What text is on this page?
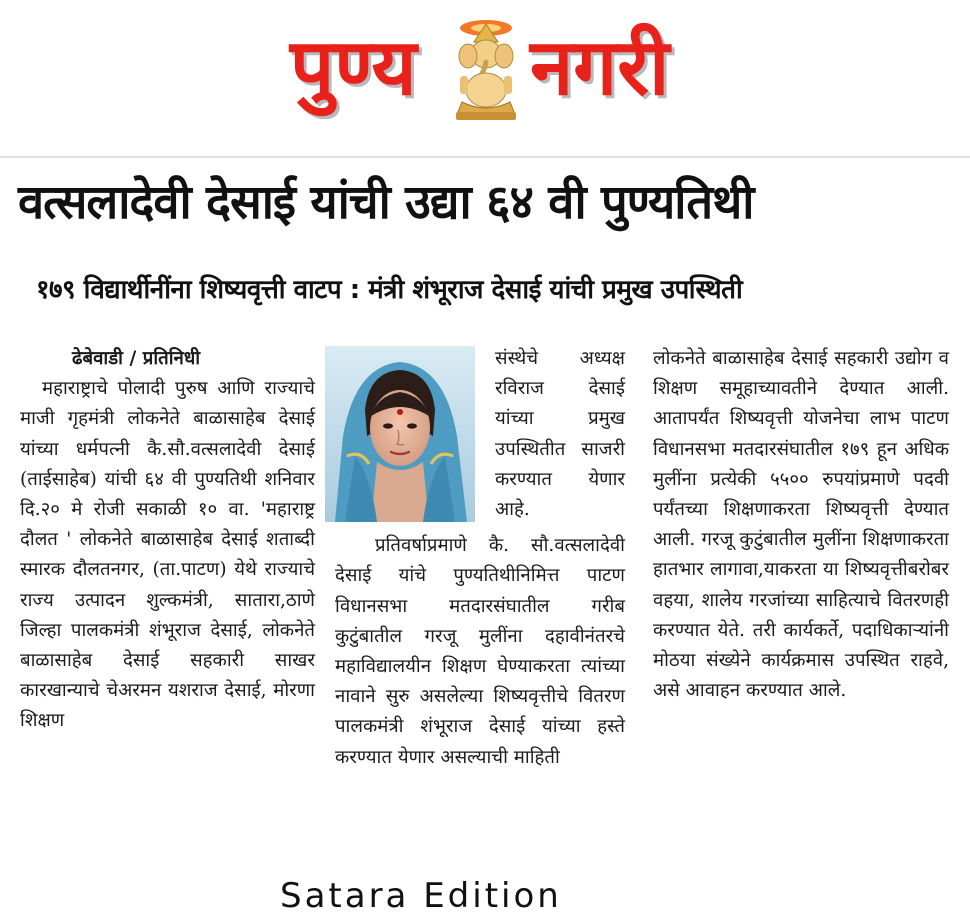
पुण्य नगरी
वत्सलादेवी देसाई यांची उद्या ६४ वी पुण्यतिथी
१७९ विद्यार्थीनींना शिष्यवृत्ती वाटप : मंत्री शंभूराज देसाई यांची प्रमुख उपस्थिती

ढेबेवाडी / प्रतिनिधी

महाराष्ट्राचे पोलादी पुरुष आणि राज्याचे माजी गृहमंत्री लोकनेते बाळासाहेब देसाई यांच्या धर्मपत्नी कै.सौ.वत्सलादेवी देसाई (ताईसाहेब) यांची ६४ वी पुण्यतिथी शनिवार दि.२० मे रोजी सकाळी १० वा. 'महाराष्ट्र दौलत ' लोकनेते बाळासाहेब देसाई शताब्दी स्मारक दौलतनगर, (ता.पाटण) येथे राज्याचे राज्य उत्पादन शुल्कमंत्री, सातारा,ठाणे जिल्हा पालकमंत्री शंभूराज देसाई, लोकनेते बाळासाहेब देसाई सहकारी साखर कारखान्याचे चेअरमन यशराज देसाई, मोरणा शिक्षण

संस्थेचे अध्यक्ष रविराज देसाई यांच्या प्रमुख उपस्थितीत साजरी करण्यात येणार आहे.

प्रतिवर्षाप्रमाणे कै. सौ.वत्सलादेवी देसाई यांचे पुण्यतिथीनिमित्त पाटण विधानसभा मतदारसंघातील गरीब कुटुंबातील गरजू मुलींना दहावीनंतरचे महाविद्यालयीन शिक्षण घेण्याकरता त्यांच्या नावाने सुरु असलेल्या शिष्यवृत्तीचे वितरण पालकमंत्री शंभूराज देसाई यांच्या हस्ते करण्यात येणार असल्याची माहिती

लोकनेते बाळासाहेब देसाई सहकारी उद्योग व शिक्षण समूहाच्यावतीने देण्यात आली. आतापर्यंत शिष्यवृत्ती योजनेचा लाभ पाटण विधानसभा मतदारसंघातील १७९ हून अधिक मुलींना प्रत्येकी ५५०० रुपयांप्रमाणे पदवी पर्यंतच्या शिक्षणाकरता शिष्यवृत्ती देण्यात आली. गरजू कुटुंबातील मुलींना शिक्षणाकरता हातभार लागावा,याकरता या शिष्यवृत्तीबरोबर वहया, शालेय गरजांच्या साहित्याचे वितरणही करण्यात येते. तरी कार्यकर्ते, पदाधिकाऱ्यांनी मोठया संख्येने कार्यक्रमास उपस्थित राहवे, असे आवाहन करण्यात आले.

Satara Edition
